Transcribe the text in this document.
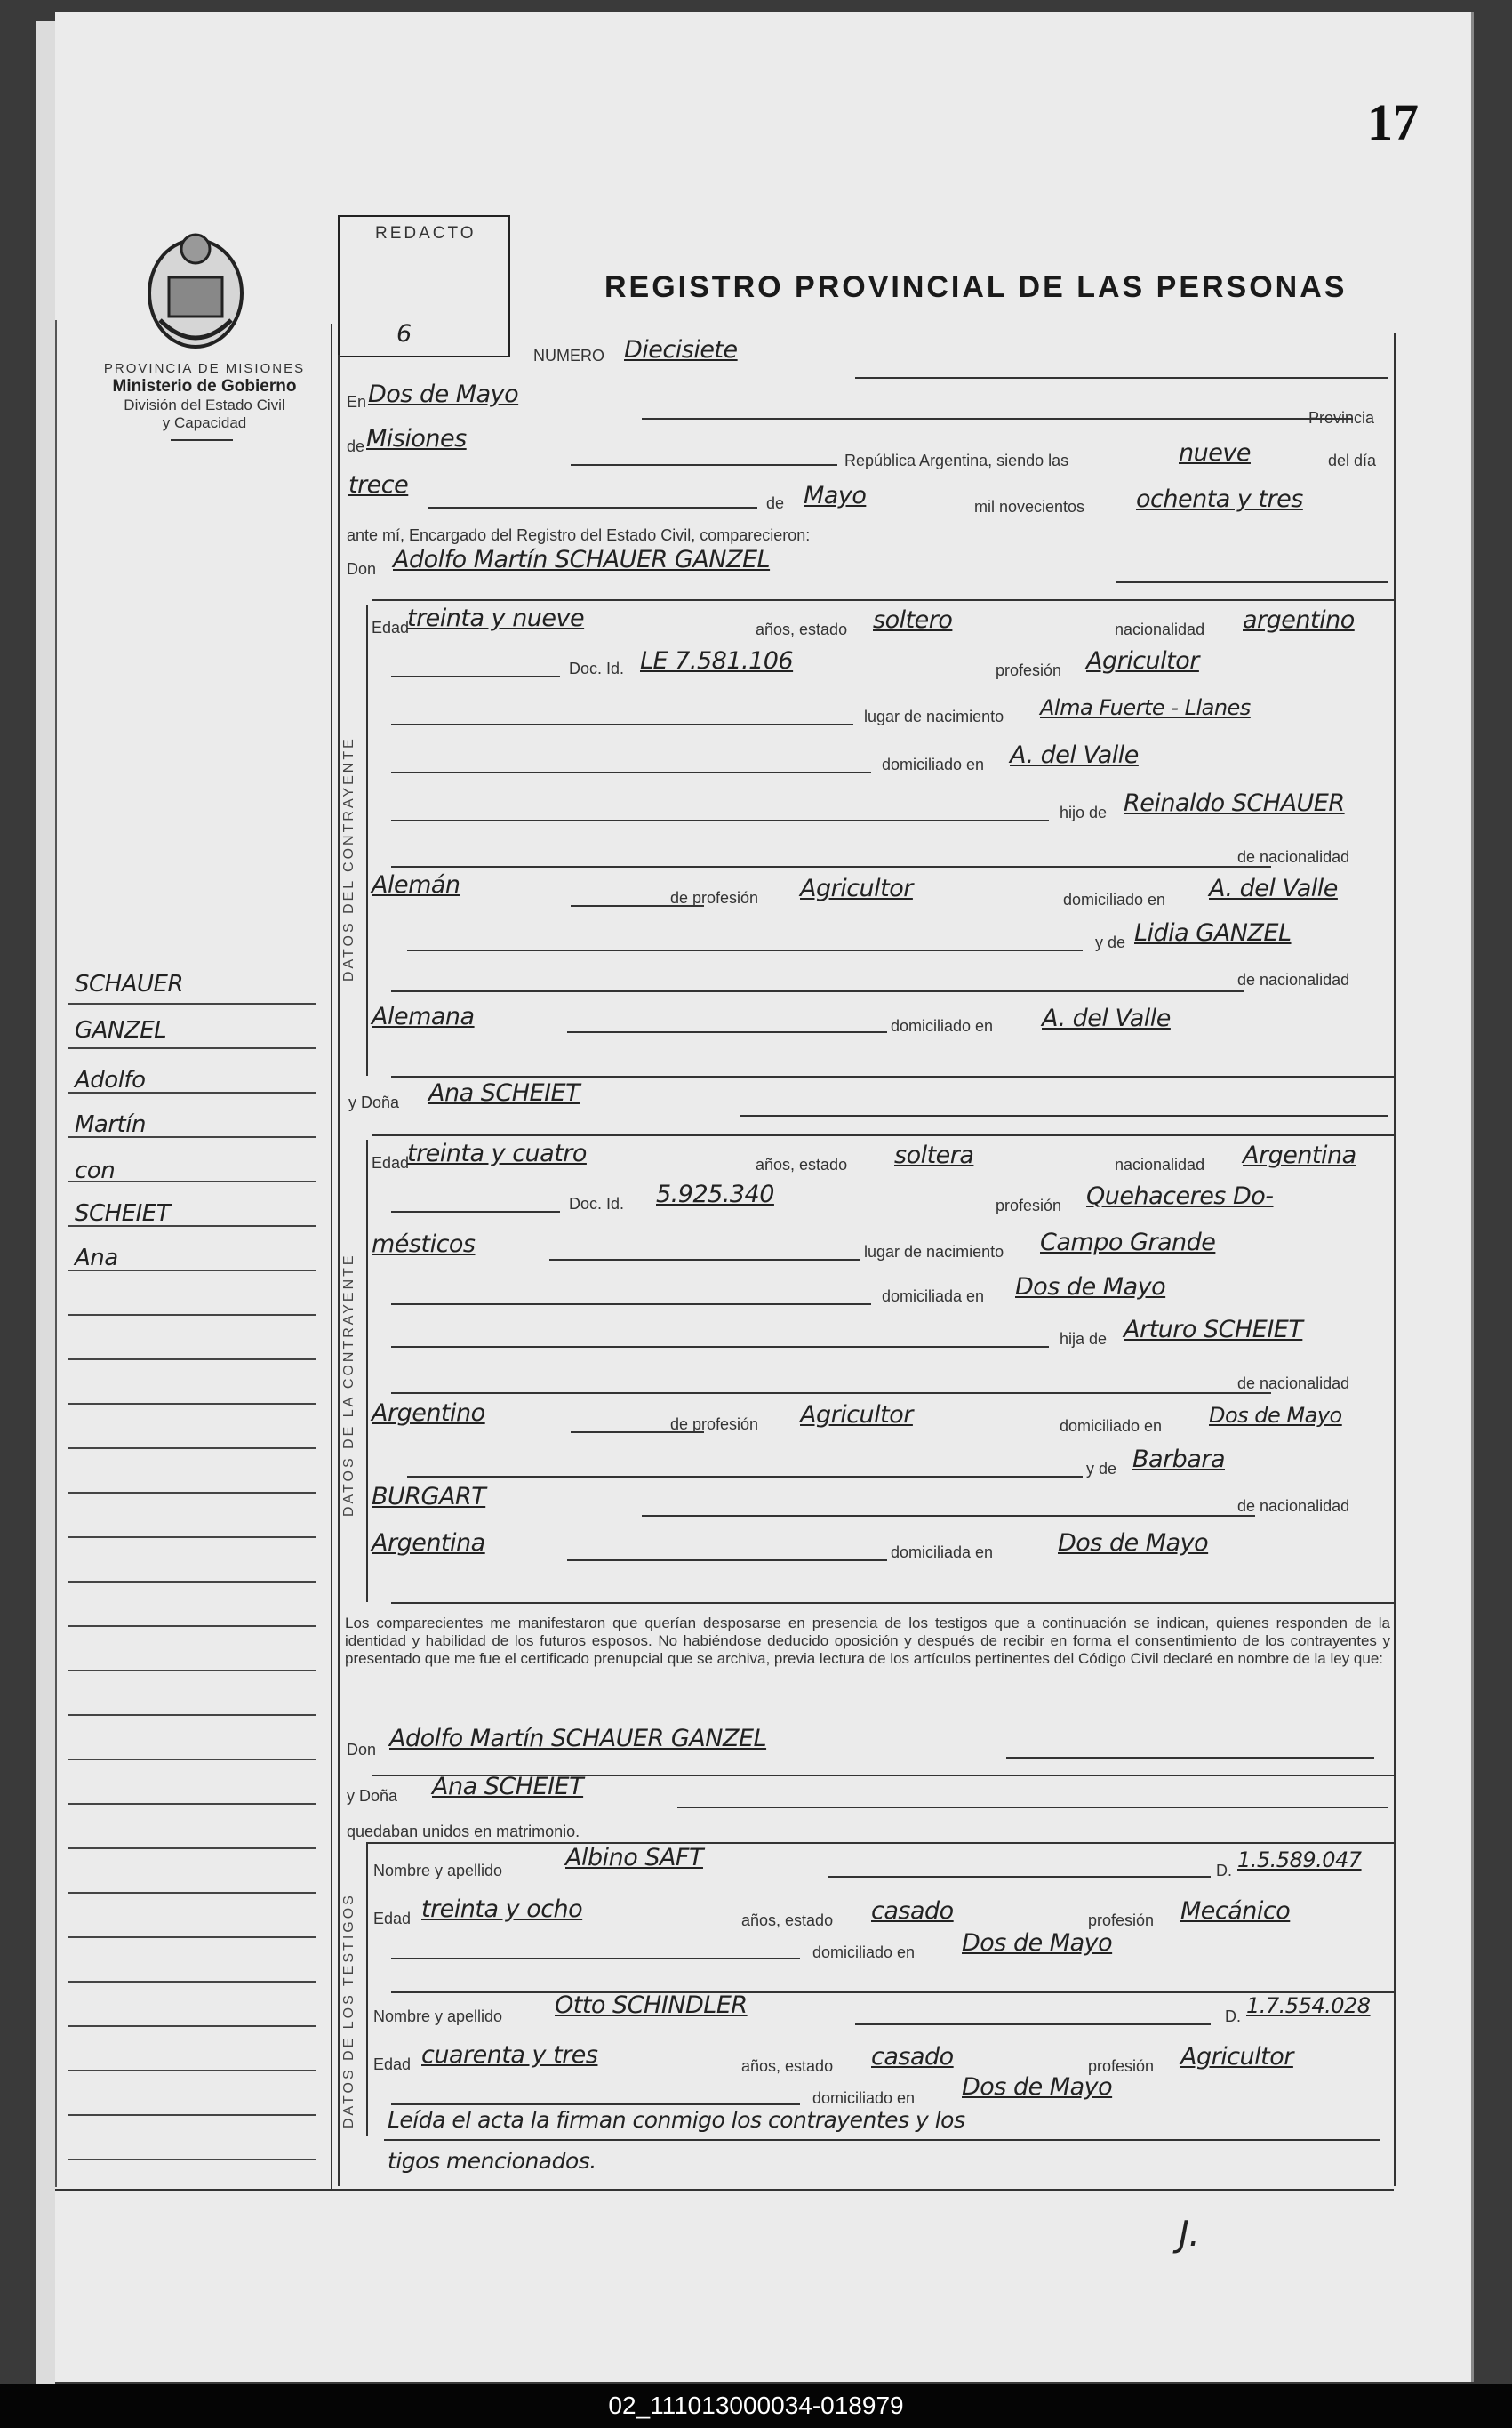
17
PROVINCIA DE MISIONES
Ministerio de Gobierno
División del Estado Civil
y Capacidad
REDACTO
6
REGISTRO PROVINCIAL DE LAS PERSONAS
SCHAUER
GANZEL
Adolfo
Martín
con
SCHEIET
Ana
NUMERO Diecisiete
En Dos de Mayo
Provincia
de Misiones
República Argentina, siendo las	nueve	del día
trece
de Mayo	mil novecientos ochenta y tres
ante mí, Encargado del Registro del Estado Civil, comparecieron:
Don Adolfo Martín SCHAUER GANZEL
DATOS DEL CONTRAYENTE
Edad
treinta y nueve	años, estado soltero	nacionalidad argentino
Doc. Id. LE 7.581.106	profesión Agricultor
lugar de nacimiento Alma Fuerte - Llanes
domiciliado en A. del Valle
hijo de Reinaldo SCHAUER
de nacionalidad
Alemán	de profesión Agricultor	domiciliado en A. del Valle
y de Lidia GANZEL
de nacionalidad
Alemana	domiciliado en A. del Valle
y Doña Ana SCHEIET
DATOS DE LA CONTRAYENTE
Edad
treinta y cuatro	años, estado soltera	nacionalidad Argentina
Doc. Id. 5.925.340	profesión Quehaceres Do-
mésticos	lugar de nacimiento Campo Grande
domiciliada en Dos de Mayo
hija de Arturo SCHEIET
de nacionalidad
Argentino	de profesión Agricultor	domiciliado en Dos de Mayo
y de Barbara
BURGART	de nacionalidad
Argentina	domiciliada en	Dos de Mayo
Los comparecientes me manifestaron que querían desposarse en presencia de los testigos que a continuación se indican, quienes responden de la identidad y habilidad de los futuros esposos. No habiéndose deducido oposición y después de recibir en forma el consentimiento de los contrayentes y presentado que me fue el certificado prenupcial que se archiva, previa lectura de los artículos pertinentes del Código Civil declaré en nombre de la ley que:
Don Adolfo Martín SCHAUER GANZEL
y Doña Ana SCHEIET
quedaban unidos en matrimonio.
DATOS DE LOS TESTIGOS
Nombre y apellido	Albino SAFT	D. 1.5.589.047
Edad treinta y ocho	años, estado casado	profesión Mecánico
domiciliado en Dos de Mayo
Nombre y apellido Otto SCHINDLER	D. 1.7.554.028
Edad cuarenta y tres	años, estado casado	profesión Agricultor
domiciliado en Dos de Mayo
Leída el acta la firman conmigo los contrayentes y los
tigos mencionados.
J.
02_111013000034-018979
